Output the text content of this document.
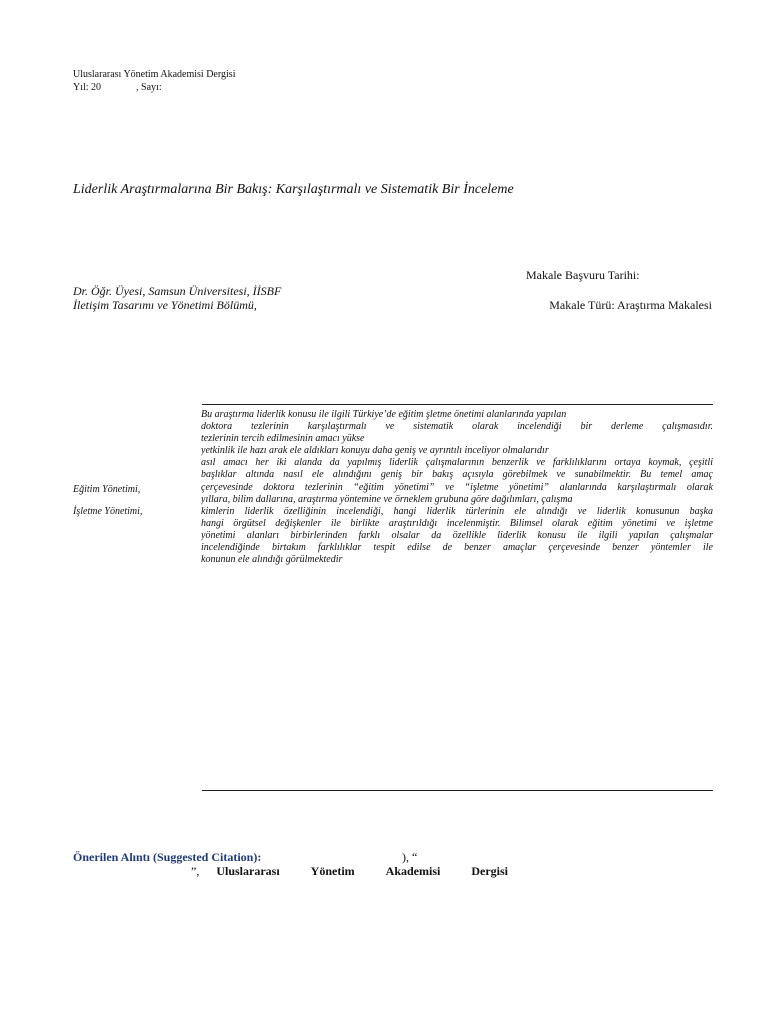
Uluslararası Yönetim Akademisi Dergisi
Yıl: 20              , Sayı:
Liderlik Araştırmalarına Bir Bakış: Karşılaştırmalı ve Sistematik Bir İnceleme
Makale Başvuru Tarihi:
Dr. Öğr. Üyesi, Samsun Üniversitesi, İİSBF
İletişim Tasarımı ve Yönetimi Bölümü,	Makale Türü: Araştırma Makalesi
Eğitim Yönetimi,
İşletme Yönetimi,
Bu araştırma liderlik konusu ile ilgili Türkiye’de eğitim şletme önetimi alanlarında yapılan
doktora tezlerinin karşılaştırmalı ve sistematik olarak incelendiği bir derleme çalışmasıdır.
tezlerinin tercih edilmesinin amacı yükse
yetkinlik ile hazı arak ele aldıkları konuyu daha geniş ve ayrıntılı inceliyor olmalarıdır
asıl amacı her iki alanda da yapılmış liderlik çalışmalarının benzerlik ve farklılıklarını ortaya koymak, çeşitli
başlıklar altında nasıl ele alındığını geniş bir bakış açısıyla görebilmek ve sunabilmektir. Bu temel amaç
çerçevesinde doktora tezlerinin “eğitim yönetimi” ve “işletme yönetimi” alanlarında karşılaştırmalı olarak
yıllara, bilim dallarına, araştırma yöntemine ve örneklem grubuna göre dağılımları, çalışma
kimlerin liderlik özelliğinin incelendiği, hangi liderlik türlerinin ele alındığı ve liderlik konusunun başka
hangi örgütsel değişkenler ile birlikte araştırıldığı incelenmiştir. Bilimsel olarak eğitim yönetimi ve işletme
yönetimi alanları birbirlerinden farklı olsalar da özellikle liderlik konusu ile ilgili yapılan çalışmalar
incelendiğinde birtakım farklılıklar tespit edilse de benzer amaçlar çerçevesinde benzer yöntemler ile
konunun ele alındığı görülmektedir
Önerilen Alıntı (Suggested Citation):	), “
”, Uluslararası	Yönetim	Akademisi	Dergisi
